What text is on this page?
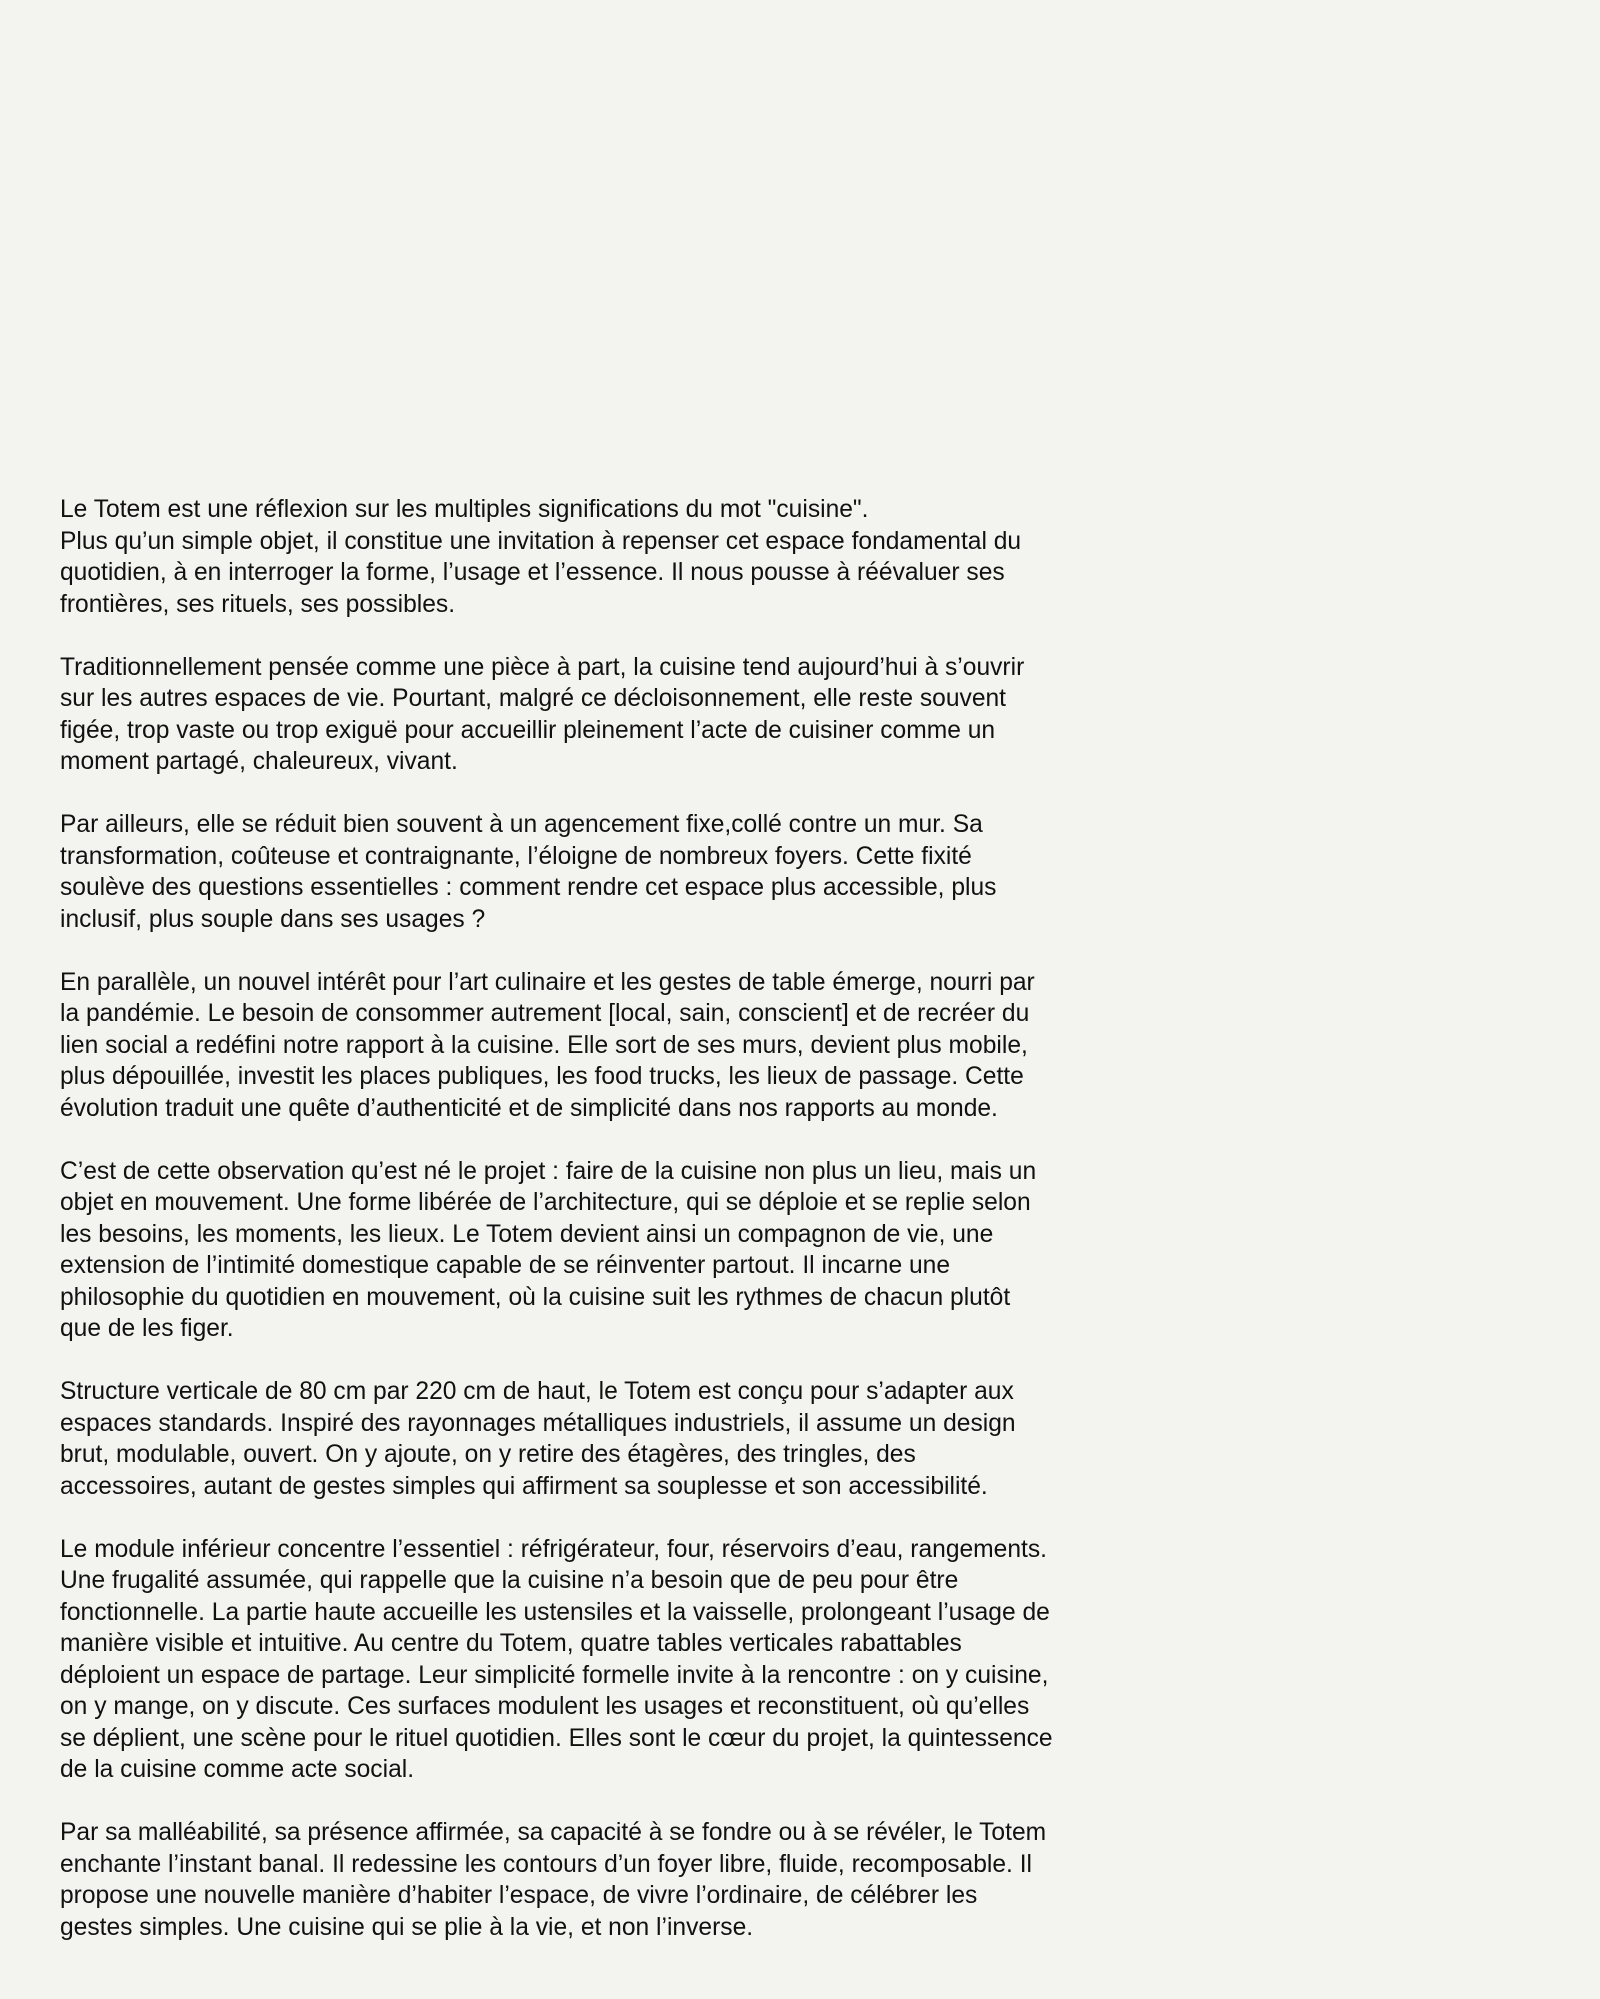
Le Totem est une réflexion sur les multiples significations du mot "cuisine".
Plus qu’un simple objet, il constitue une invitation à repenser cet espace fondamental du
quotidien, à en interroger la forme, l’usage et l’essence. Il nous pousse à réévaluer ses
frontières, ses rituels, ses possibles.

Traditionnellement pensée comme une pièce à part, la cuisine tend aujourd’hui à s’ouvrir
sur les autres espaces de vie. Pourtant, malgré ce décloisonnement, elle reste souvent
figée, trop vaste ou trop exiguë pour accueillir pleinement l’acte de cuisiner comme un
moment partagé, chaleureux, vivant.

Par ailleurs, elle se réduit bien souvent à un agencement fixe,collé contre un mur. Sa
transformation, coûteuse et contraignante, l’éloigne de nombreux foyers. Cette fixité
soulève des questions essentielles : comment rendre cet espace plus accessible, plus
inclusif, plus souple dans ses usages ?

En parallèle, un nouvel intérêt pour l’art culinaire et les gestes de table émerge, nourri par
la pandémie. Le besoin de consommer autrement [local, sain, conscient] et de recréer du
lien social a redéfini notre rapport à la cuisine. Elle sort de ses murs, devient plus mobile,
plus dépouillée, investit les places publiques, les food trucks, les lieux de passage. Cette
évolution traduit une quête d’authenticité et de simplicité dans nos rapports au monde.

C’est de cette observation qu’est né le projet : faire de la cuisine non plus un lieu, mais un
objet en mouvement. Une forme libérée de l’architecture, qui se déploie et se replie selon
les besoins, les moments, les lieux. Le Totem devient ainsi un compagnon de vie, une
extension de l’intimité domestique capable de se réinventer partout. Il incarne une
philosophie du quotidien en mouvement, où la cuisine suit les rythmes de chacun plutôt
que de les figer.

Structure verticale de 80 cm par 220 cm de haut, le Totem est conçu pour s’adapter aux
espaces standards. Inspiré des rayonnages métalliques industriels, il assume un design
brut, modulable, ouvert. On y ajoute, on y retire des étagères, des tringles, des
accessoires, autant de gestes simples qui affirment sa souplesse et son accessibilité.

Le module inférieur concentre l’essentiel : réfrigérateur, four, réservoirs d’eau, rangements.
Une frugalité assumée, qui rappelle que la cuisine n’a besoin que de peu pour être
fonctionnelle. La partie haute accueille les ustensiles et la vaisselle, prolongeant l’usage de
manière visible et intuitive. Au centre du Totem, quatre tables verticales rabattables
déploient un espace de partage. Leur simplicité formelle invite à la rencontre : on y cuisine,
on y mange, on y discute. Ces surfaces modulent les usages et reconstituent, où qu’elles
se déplient, une scène pour le rituel quotidien. Elles sont le cœur du projet, la quintessence
de la cuisine comme acte social.

Par sa malléabilité, sa présence affirmée, sa capacité à se fondre ou à se révéler, le Totem
enchante l’instant banal. Il redessine les contours d’un foyer libre, fluide, recomposable. Il
propose une nouvelle manière d’habiter l’espace, de vivre l’ordinaire, de célébrer les
gestes simples. Une cuisine qui se plie à la vie, et non l’inverse.
